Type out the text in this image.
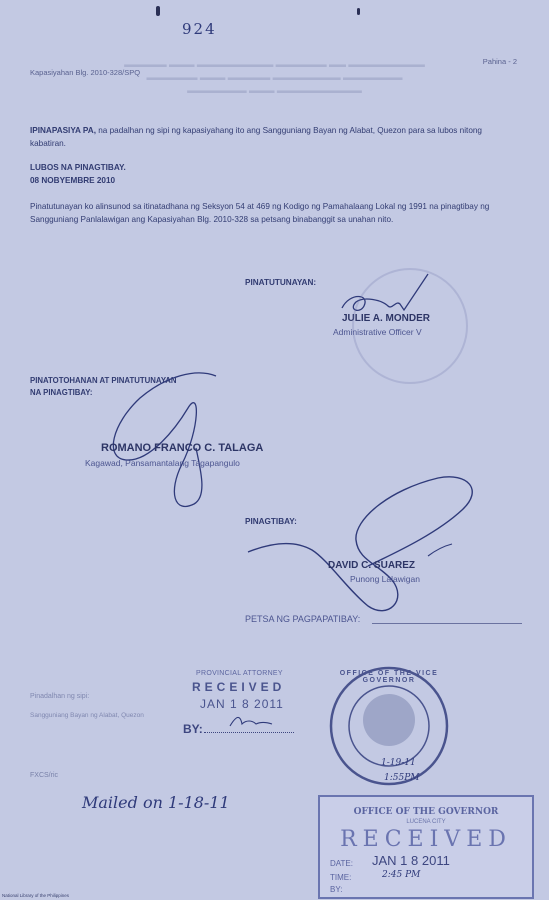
▬▬▬▬▬ ▬▬▬ ▬▬▬▬▬▬▬▬▬ ▬▬▬▬▬▬ ▬▬ ▬▬▬▬▬▬▬▬▬
▬▬▬▬▬▬ ▬▬▬ ▬▬▬▬▬ ▬▬▬▬▬▬▬▬ ▬▬▬▬▬▬▬
▬▬▬▬▬▬▬ ▬▬▬ ▬▬▬▬▬▬▬▬▬▬
924
Kapasiyahan Blg. 2010-328/SPQ
Pahina - 2
IPINAPASIYA PA, na padalhan ng sipi ng kapasiyahang ito ang Sangguniang Bayan ng Alabat, Quezon para sa lubos nitong kabatiran.
LUBOS NA PINAGTIBAY.
08 NOBYEMBRE 2010
Pinatutunayan ko alinsunod sa itinatadhana ng Seksyon 54 at 469 ng Kodigo ng Pamahalaang Lokal ng 1991 na pinagtibay ng Sangguniang Panlalawigan ang Kapasiyahan Blg. 2010-328 sa petsang binabanggit sa unahan nito.
PINATUTUNAYAN:
JULIE A. MONDER
Administrative Officer V
PINATOTOHANAN AT PINATUTUNAYAN
NA PINAGTIBAY:
ROMANO FRANCO C. TALAGA
Kagawad, Pansamantalang Tagapangulo
PINAGTIBAY:
DAVID C. SUAREZ
Punong Lalawigan
PETSA NG PAGPAPATIBAY:
Pinadalhan ng sipi:
Sangguniang Bayan ng Alabat, Quezon
FXCS/ric
Mailed on 1-18-11
PROVINCIAL ATTORNEY
RECEIVED
JAN 1 8 2011
BY:
OFFICE OF THE VICE GOVERNOR
1-19-11
1:55PM
OFFICE OF THE GOVERNOR
LUCENA CITY
RECEIVED
DATE: JAN 1 8 2011
TIME:	2:45 PM
BY:
National Library of the Philippines
